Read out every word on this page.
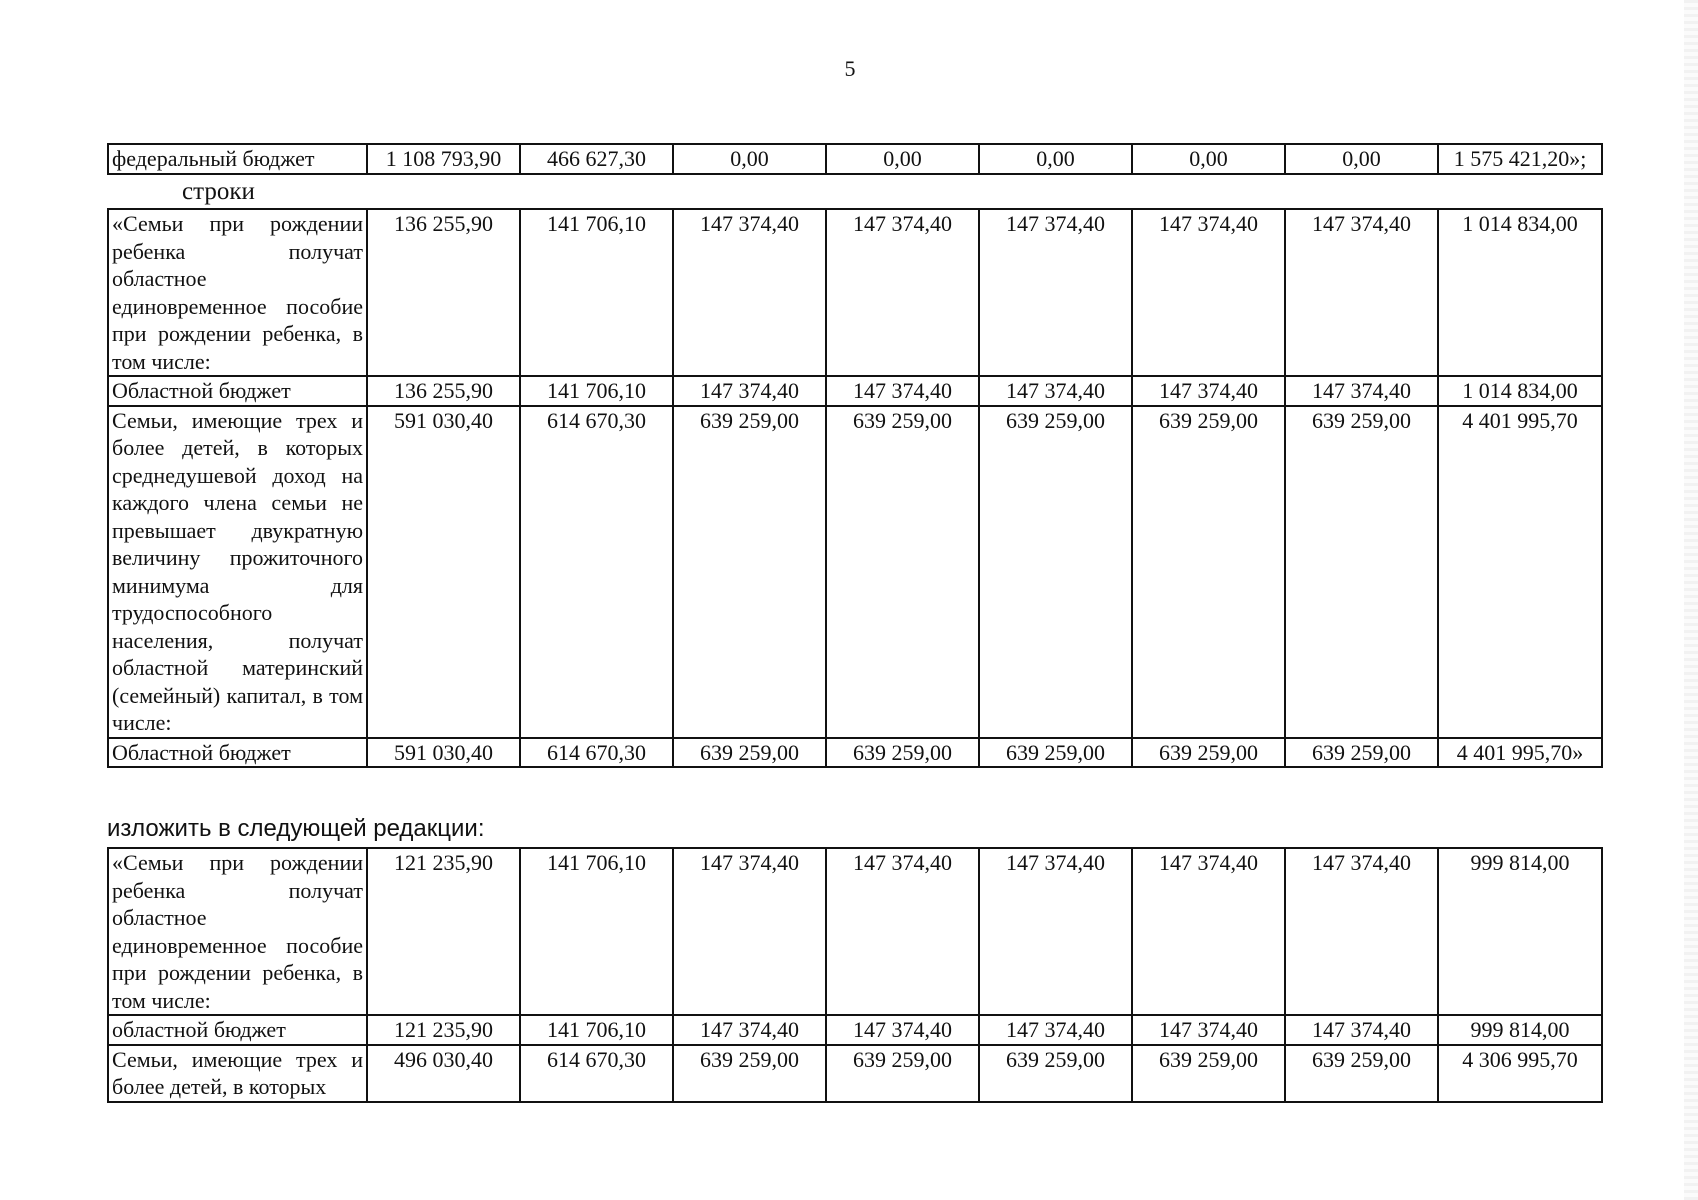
5
федеральный бюджет	1 108 793,90	466 627,30	0,00	0,00	0,00	0,00	0,00	1 575 421,20»;
строки
«Семьи при рождении ребенка получат областное единовременное пособие при рождении ребенка, в том числе:	136 255,90	141 706,10	147 374,40	147 374,40	147 374,40	147 374,40	147 374,40	1 014 834,00
Областной бюджет	136 255,90	141 706,10	147 374,40	147 374,40	147 374,40	147 374,40	147 374,40	1 014 834,00
Семьи, имеющие трех и более детей, в которых среднедушевой доход на каждого члена семьи не превышает двукратную величину прожиточного минимума для трудоспособного населения, получат областной материнский (семейный) капитал, в том числе:	591 030,40	614 670,30	639 259,00	639 259,00	639 259,00	639 259,00	639 259,00	4 401 995,70
Областной бюджет	591 030,40	614 670,30	639 259,00	639 259,00	639 259,00	639 259,00	639 259,00	4 401 995,70»
изложить в следующей редакции:
«Семьи при рождении ребенка получат областное единовременное пособие при рождении ребенка, в том числе:	121 235,90	141 706,10	147 374,40	147 374,40	147 374,40	147 374,40	147 374,40	999 814,00
областной бюджет	121 235,90	141 706,10	147 374,40	147 374,40	147 374,40	147 374,40	147 374,40	999 814,00
Семьи, имеющие трех и более детей, в которых	496 030,40	614 670,30	639 259,00	639 259,00	639 259,00	639 259,00	639 259,00	4 306 995,70
